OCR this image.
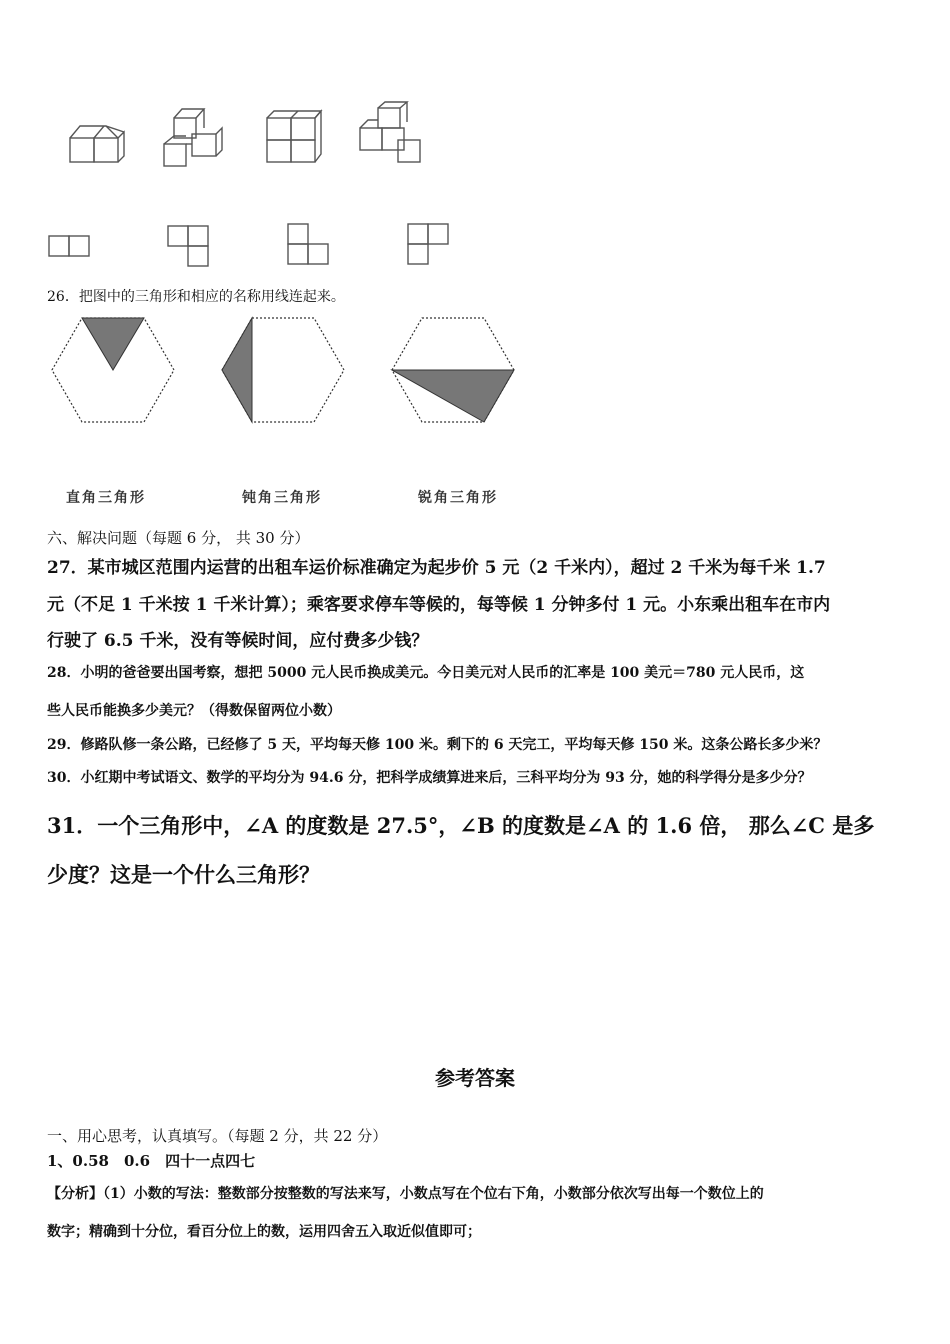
26．把图中的三角形和相应的名称用线连起来。
直角三角形	钝角三角形	锐角三角形
六、解决问题（每题 6 分， 共 30 分）
27．某市城区范围内运营的出租车运价标准确定为起步价 5 元（2 千米内），超过 2 千米为每千米 1.7
元（不足 1 千米按 1 千米计算）；乘客要求停车等候的，每等候 1 分钟多付 1 元。小东乘出租车在市内
行驶了 6.5 千米，没有等候时间，应付费多少钱？
28．小明的爸爸要出国考察，想把 5000 元人民币换成美元。今日美元对人民币的汇率是 100 美元＝780 元人民币，这
些人民币能换多少美元？（得数保留两位小数）
29．修路队修一条公路，已经修了 5 天，平均每天修 100 米。剩下的 6 天完工，平均每天修 150 米。这条公路长多少米？
30．小红期中考试语文、数学的平均分为 94.6 分，把科学成绩算进来后，三科平均分为 93 分，她的科学得分是多少分？
31．一个三角形中，∠A 的度数是 27.5°，∠B 的度数是∠A 的 1.6 倍， 那么∠C 是多
少度？这是一个什么三角形？
参考答案
一、用心思考，认真填写。（每题 2 分，共 22 分）
1、0.58　0.6　四十一点四七
【分析】（1）小数的写法：整数部分按整数的写法来写，小数点写在个位右下角，小数部分依次写出每一个数位上的
数字；精确到十分位，看百分位上的数，运用四舍五入取近似值即可；
